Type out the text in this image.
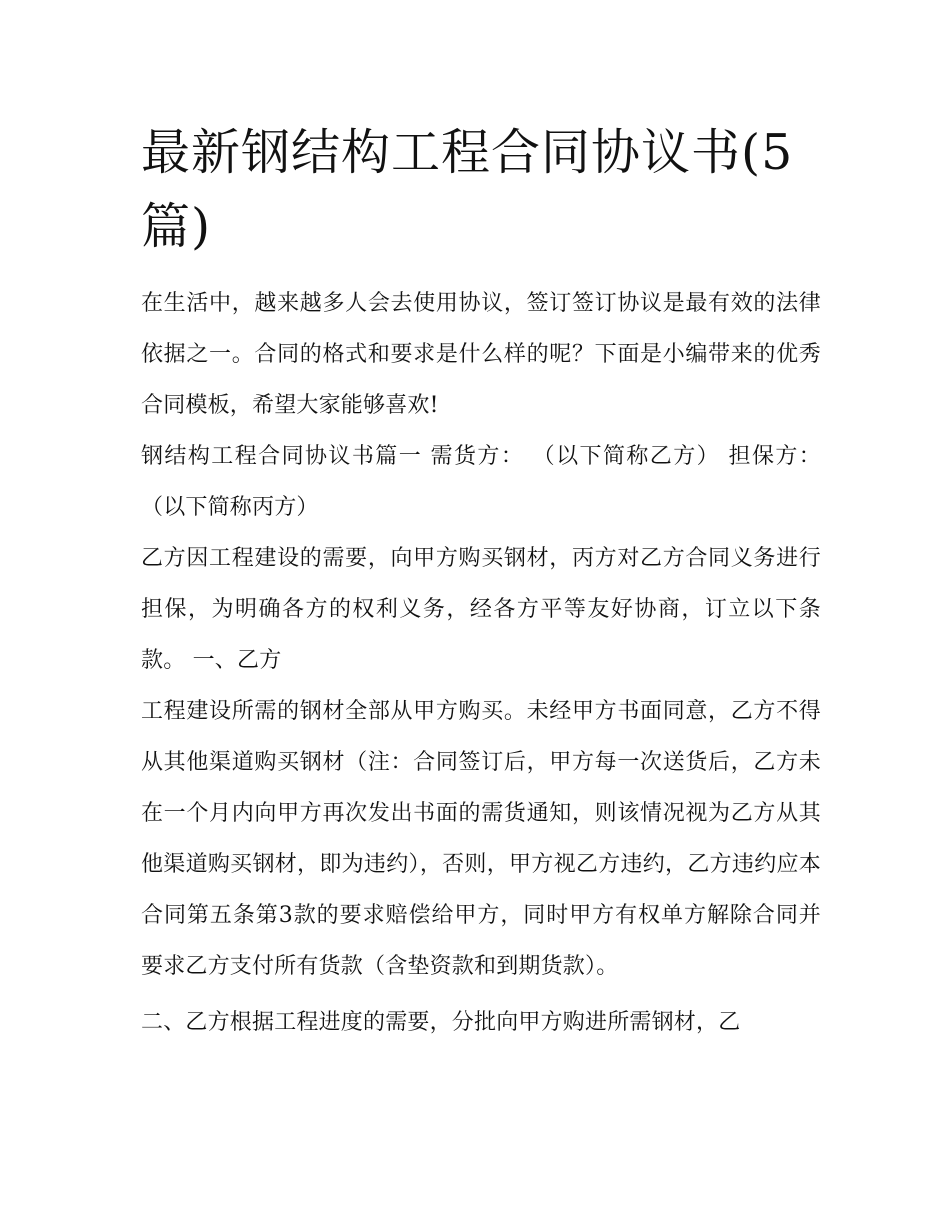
最新钢结构工程合同协议书(5篇)

在生活中，越来越多人会去使用协议，签订签订协议是最有效的法律依据之一。合同的格式和要求是什么样的呢？下面是小编带来的优秀合同模板，希望大家能够喜欢!

钢结构工程合同协议书篇一 需货方： （以下简称乙方） 担保方： （以下简称丙方）

乙方因工程建设的需要，向甲方购买钢材，丙方对乙方合同义务进行担保，为明确各方的权利义务，经各方平等友好协商，订立以下条款。 一、乙方

工程建设所需的钢材全部从甲方购买。未经甲方书面同意，乙方不得从其他渠道购买钢材（注：合同签订后，甲方每一次送货后，乙方未在一个月内向甲方再次发出书面的需货通知，则该情况视为乙方从其他渠道购买钢材，即为违约），否则，甲方视乙方违约，乙方违约应本合同第五条第3款的要求赔偿给甲方，同时甲方有权单方解除合同并要求乙方支付所有货款（含垫资款和到期货款）。

二、乙方根据工程进度的需要，分批向甲方购进所需钢材，乙
